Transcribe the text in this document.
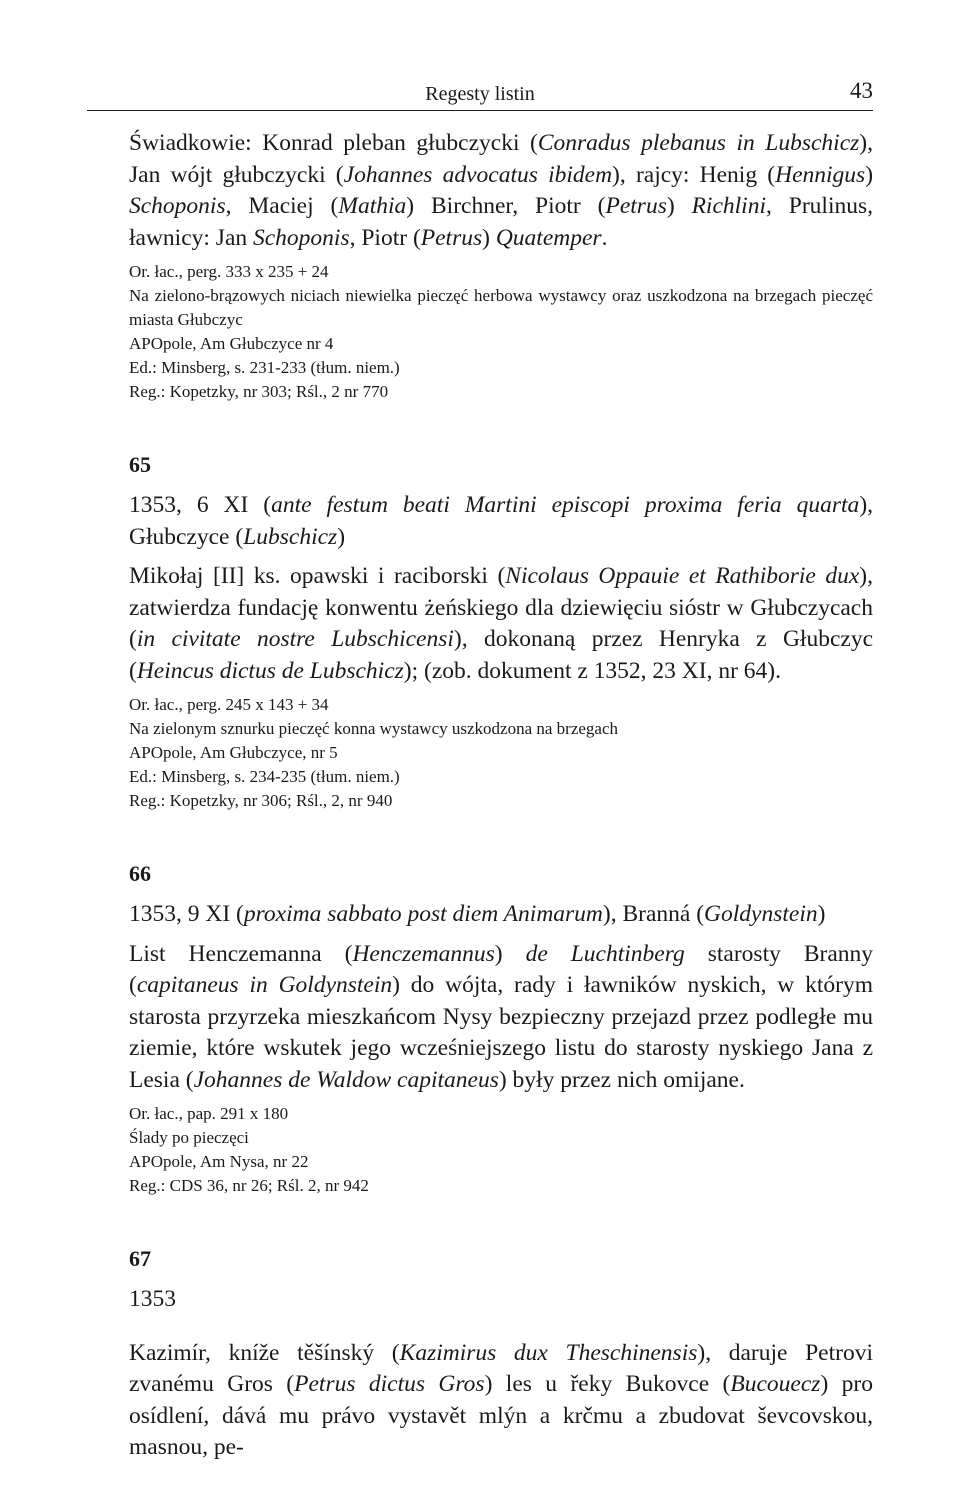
Regesty listin	43

Świadkowie: Konrad pleban głubczycki (Conradus plebanus in Lubschicz), Jan wójt głubczycki (Johannes advocatus ibidem), rajcy: Henig (Hennigus) Schoponis, Maciej (Mathia) Birchner, Piotr (Petrus) Richlini, Prulinus, ławnicy: Jan Schoponis, Piotr (Petrus) Quatemper.

Or. łac., perg. 333 x 235 + 24
Na zielono-brązowych niciach niewielka pieczęć herbowa wystawcy oraz uszkodzona na brzegach pieczęć miasta Głubczyc
APOpole, Am Głubczyce nr 4
Ed.: Minsberg, s. 231-233 (tłum. niem.)
Reg.: Kopetzky, nr 303; Rśl., 2 nr 770

65

1353, 6 XI (ante festum beati Martini episcopi proxima feria quarta), Głubczyce (Lubschicz)

Mikołaj [II] ks. opawski i raciborski (Nicolaus Oppauie et Rathiborie dux), zatwierdza fundację konwentu żeńskiego dla dziewięciu sióstr w Głubczycach (in civitate nostre Lubschicensi), dokonaną przez Henryka z Głubczyc (Heincus dictus de Lubschicz); (zob. dokument z 1352, 23 XI, nr 64).

Or. łac., perg. 245 x 143 + 34
Na zielonym sznurku pieczęć konna wystawcy uszkodzona na brzegach
APOpole, Am Głubczyce, nr 5
Ed.: Minsberg, s. 234-235 (tłum. niem.)
Reg.: Kopetzky, nr 306; Rśl., 2, nr 940

66

1353, 9 XI (proxima sabbato post diem Animarum), Branná (Goldynstein)

List Henczemanna (Henczemannus) de Luchtinberg starosty Branny (capitaneus in Goldynstein) do wójta, rady i ławników nyskich, w którym starosta przyrzeka mieszkańcom Nysy bezpieczny przejazd przez podległe mu ziemie, które wskutek jego wcześniejszego listu do starosty nyskiego Jana z Lesia (Johannes de Waldow capitaneus) były przez nich omijane.

Or. łac., pap. 291 x 180
Ślady po pieczęci
APOpole, Am Nysa, nr 22
Reg.: CDS 36, nr 26; Rśl. 2, nr 942

67

1353

Kazimír, kníže těšínský (Kazimirus dux Theschinensis), daruje Petrovi zvanému Gros (Petrus dictus Gros) les u řeky Bukovce (Bucouecz) pro osídlení, dává mu právo vystavět mlýn a krčmu a zbudovat ševcovskou, masnou, pe-
